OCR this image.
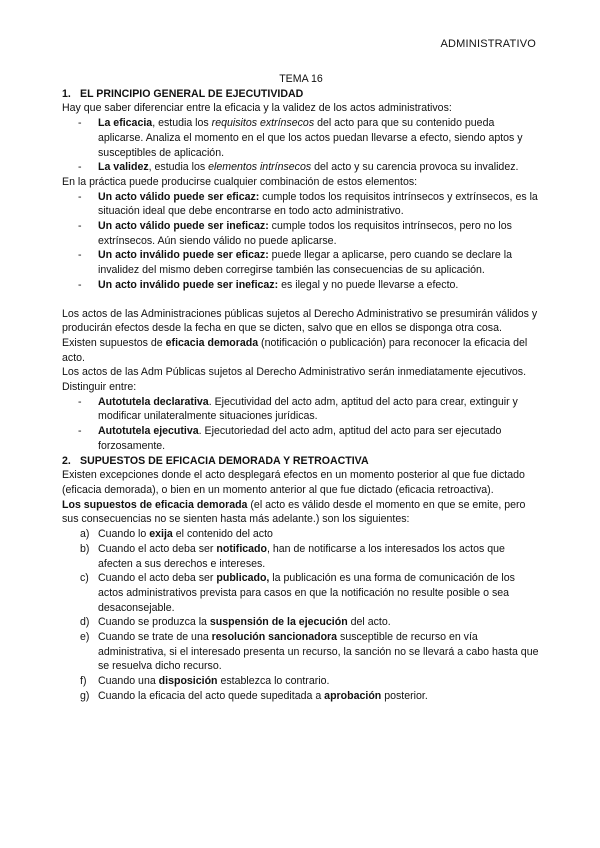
ADMINISTRATIVO

TEMA 16

1. EL PRINCIPIO GENERAL DE EJECUTIVIDAD

Hay que saber diferenciar entre la eficacia y la validez de los actos administrativos:

-	La eficacia, estudia los requisitos extrínsecos del acto para que su contenido pueda aplicarse. Analiza el momento en el que los actos puedan llevarse a efecto, siendo aptos y susceptibles de aplicación.
-	La validez, estudia los elementos intrínsecos del acto y su carencia provoca su invalidez.

En la práctica puede producirse cualquier combinación de estos elementos:

-	Un acto válido puede ser eficaz: cumple todos los requisitos intrínsecos y extrínsecos, es la situación ideal que debe encontrarse en todo acto administrativo.
-	Un acto válido puede ser ineficaz: cumple todos los requisitos intrínsecos, pero no los extrínsecos. Aún siendo válido no puede aplicarse.
-	Un acto inválido puede ser eficaz: puede llegar a aplicarse, pero cuando se declare la invalidez del mismo deben corregirse también las consecuencias de su aplicación.
-	Un acto inválido puede ser ineficaz: es ilegal y no puede llevarse a efecto.

Los actos de las Administraciones públicas sujetos al Derecho Administrativo se presumirán válidos y producirán efectos desde la fecha en que se dicten, salvo que en ellos se disponga otra cosa.

Existen supuestos de eficacia demorada (notificación o publicación) para reconocer la eficacia del acto.

Los actos de las Adm Públicas sujetos al Derecho Administrativo serán inmediatamente ejecutivos.

Distinguir entre:

-	Autotutela declarativa. Ejecutividad del acto adm, aptitud del acto para crear, extinguir y modificar unilateralmente situaciones jurídicas.
-	Autotutela ejecutiva. Ejecutoriedad del acto adm, aptitud del acto para ser ejecutado forzosamente.

2. SUPUESTOS DE EFICACIA DEMORADA Y RETROACTIVA

Existen excepciones donde el acto desplegará efectos en un momento posterior al que fue dictado (eficacia demorada), o bien en un momento anterior al que fue dictado (eficacia retroactiva).

Los supuestos de eficacia demorada (el acto es válido desde el momento en que se emite, pero sus consecuencias no se sienten hasta más adelante.) son los siguientes:

a) Cuando lo exija el contenido del acto
b) Cuando el acto deba ser notificado, han de notificarse a los interesados los actos que afecten a sus derechos e intereses.
c) Cuando el acto deba ser publicado, la publicación es una forma de comunicación de los actos administrativos prevista para casos en que la notificación no resulte posible o sea desaconsejable.
d) Cuando se produzca la suspensión de la ejecución del acto.
e) Cuando se trate de una resolución sancionadora susceptible de recurso en vía administrativa, si el interesado presenta un recurso, la sanción no se llevará a cabo hasta que se resuelva dicho recurso.
f)	Cuando una disposición establezca lo contrario.
g) Cuando la eficacia del acto quede supeditada a aprobación posterior.
